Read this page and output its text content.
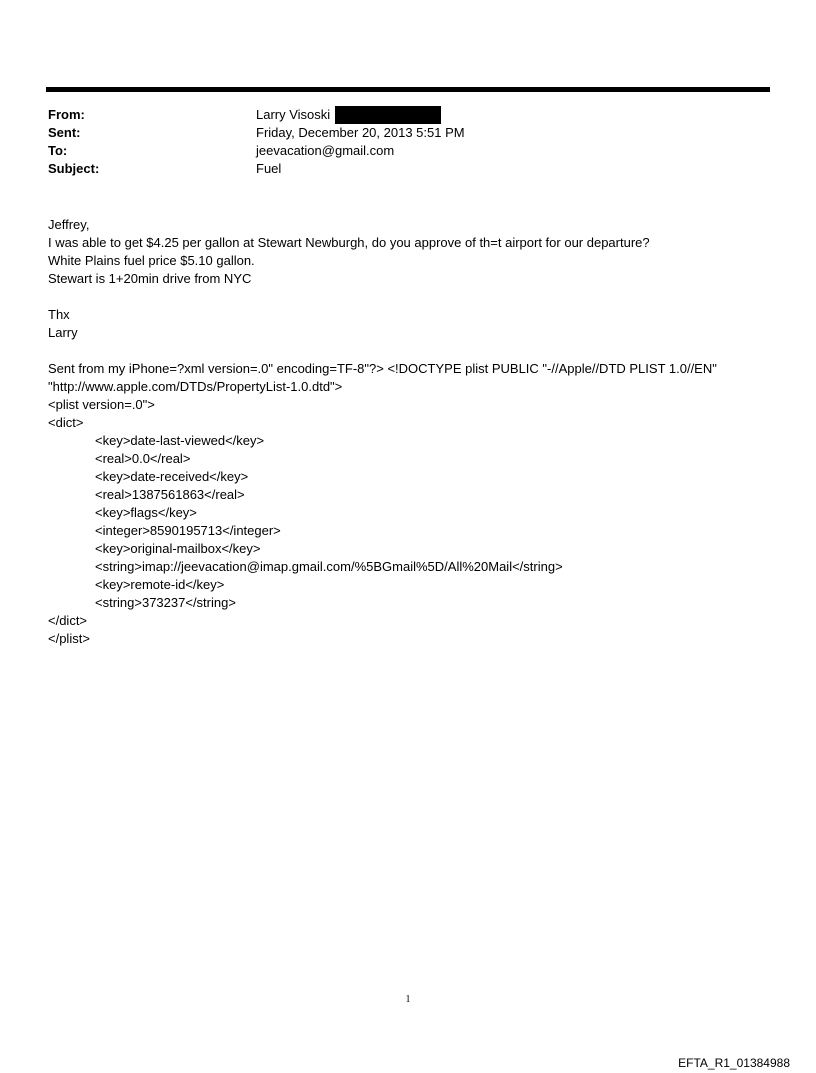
From:	Larry Visoski
Sent:	Friday, December 20, 2013 5:51 PM
To:	jeevacation@gmail.com
Subject:	Fuel
Jeffrey,
I was able to get $4.25 per gallon at Stewart Newburgh, do you approve of th=t airport for our departure?
White Plains fuel price $5.10 gallon.
Stewart is 1+20min drive from NYC
Thx
Larry
Sent from my iPhone=?xml version=.0" encoding=TF-8"?> <!DOCTYPE plist PUBLIC "-//Apple//DTD PLIST 1.0//EN"
"http://www.apple.com/DTDs/PropertyList-1.0.dtd">
<plist version=.0">
<dict>
<key>date-last-viewed</key>
<real>0.0</real>
<key>date-received</key>
<real>1387561863</real>
<key>flags</key>
<integer>8590195713</integer>
<key>original-mailbox</key>
<string>imap://jeevacation@imap.gmail.com/%5BGmail%5D/All%20Mail</string>
<key>remote-id</key>
<string>373237</string>
</dict>
</plist>
1
EFTA_R1_01384988
